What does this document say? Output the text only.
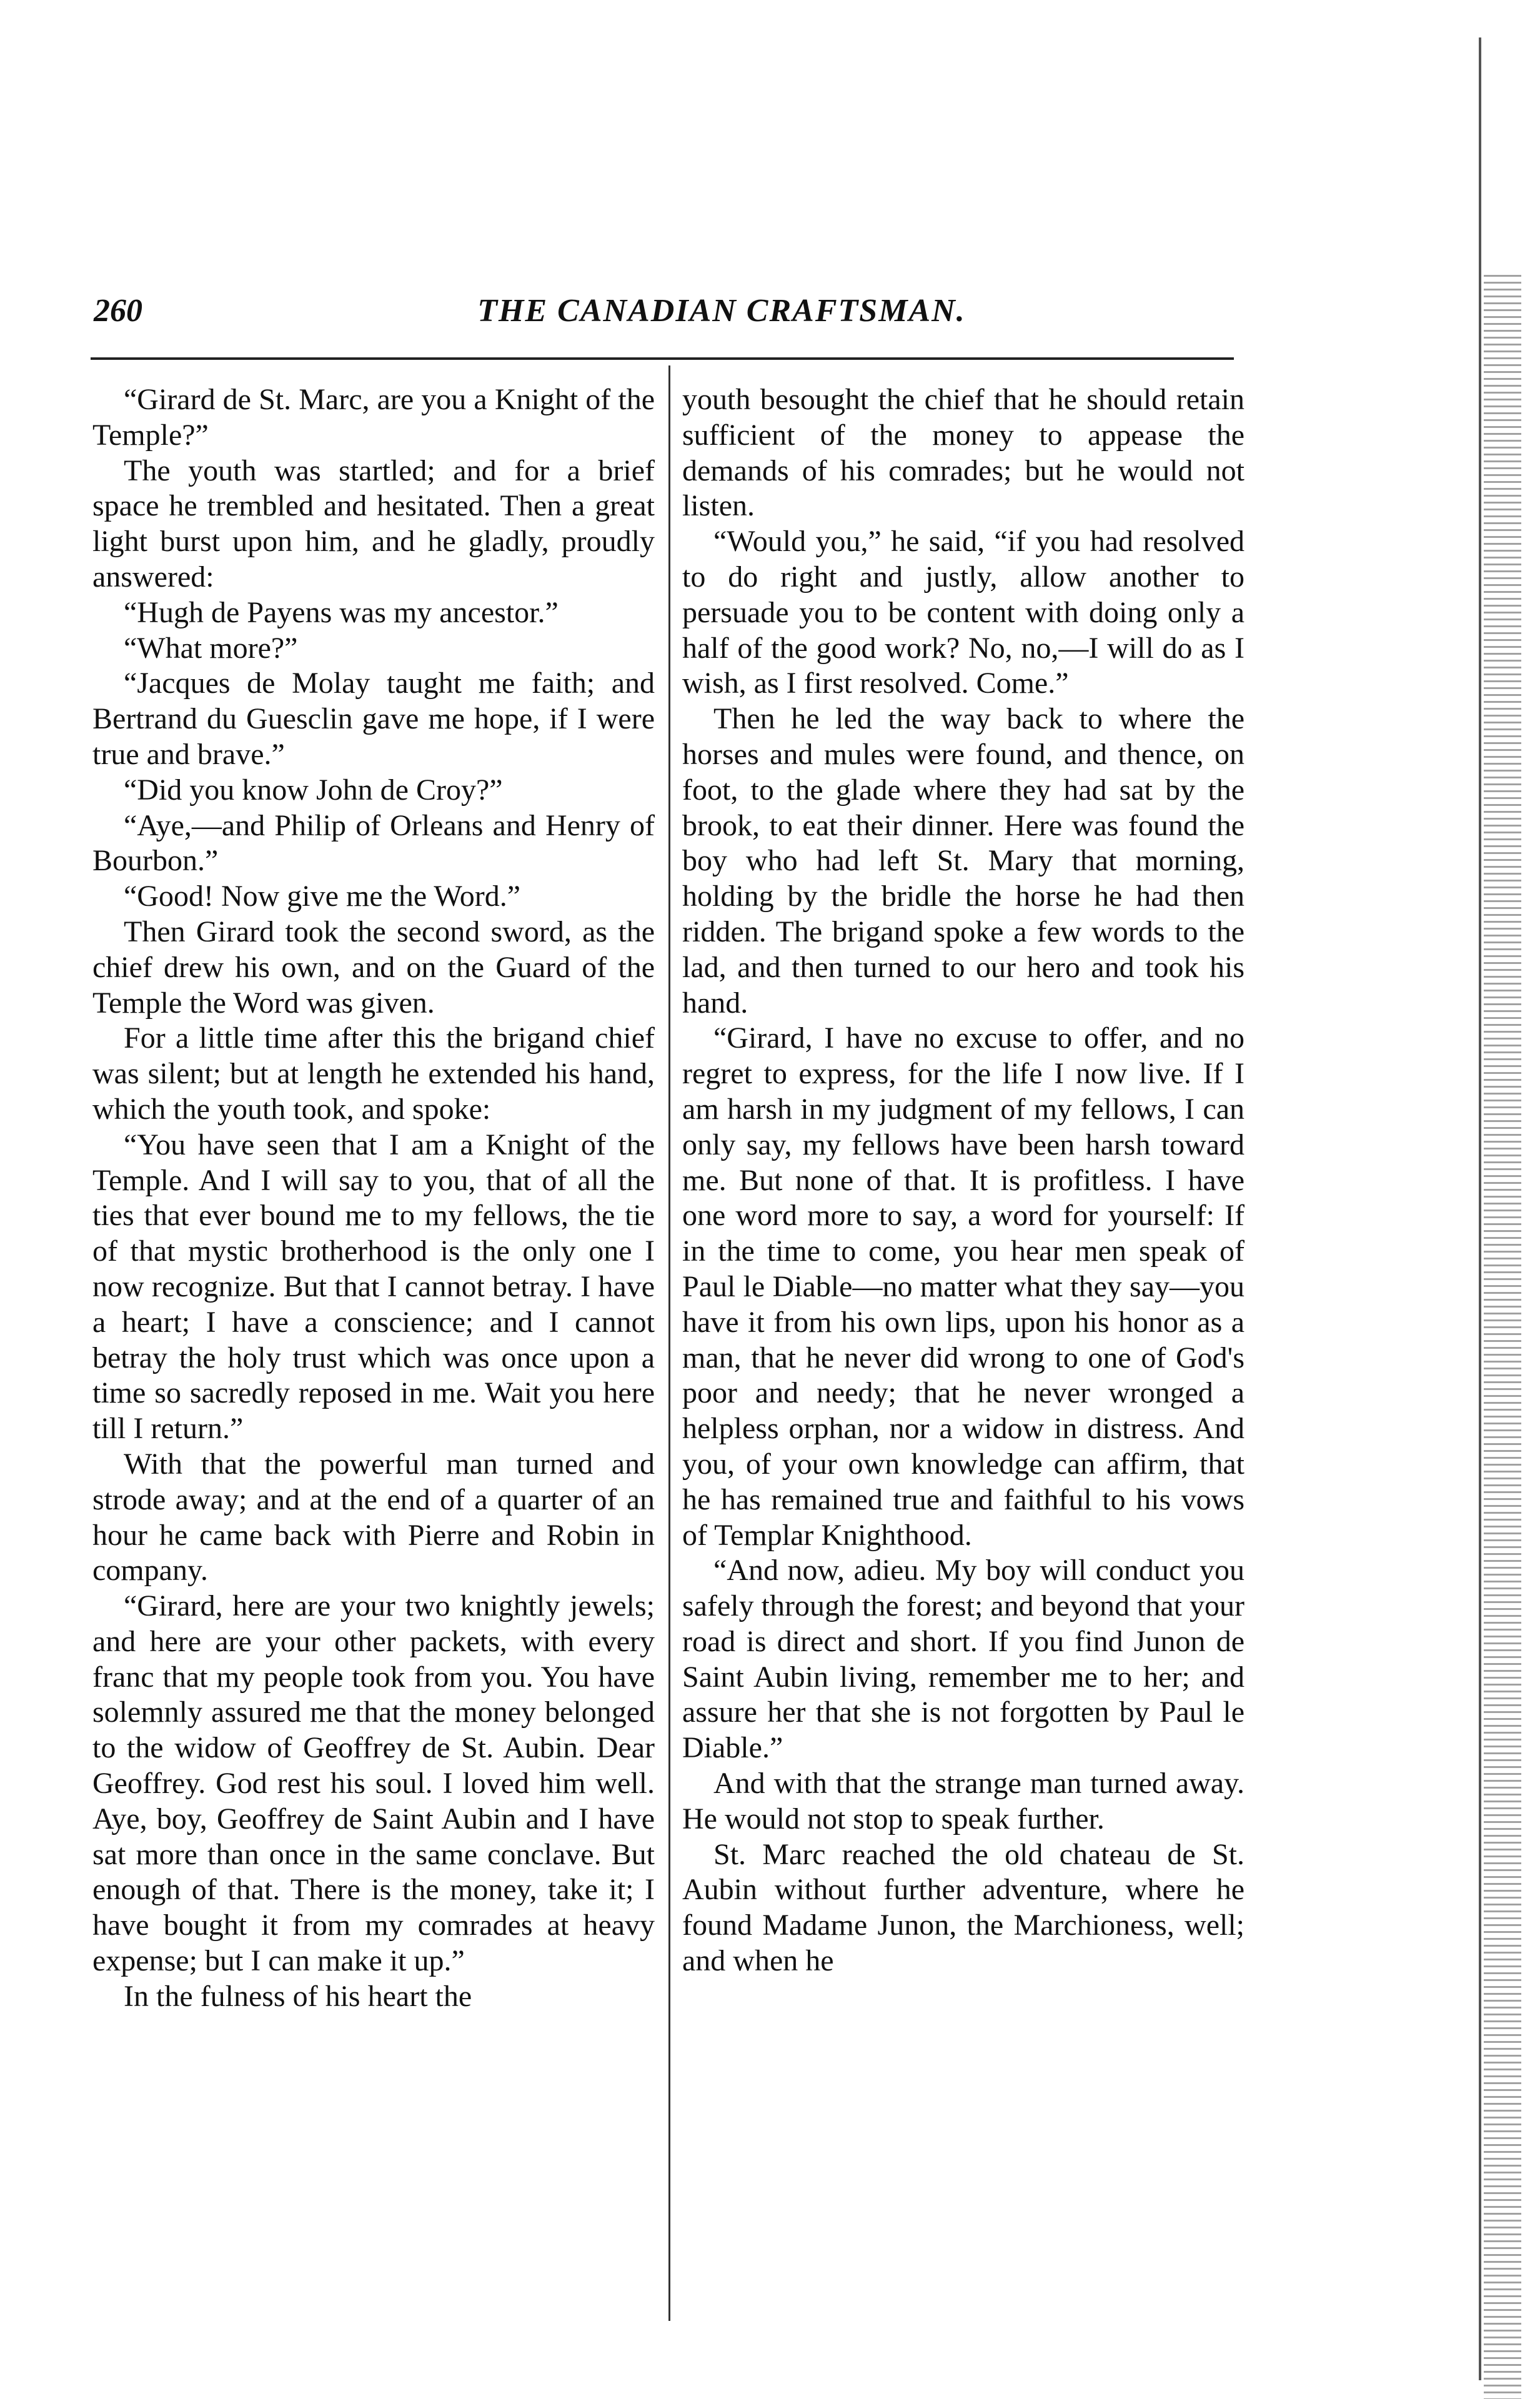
260	THE CANADIAN CRAFTSMAN.

“Girard de St. Marc, are you a Knight of the Temple?”

The youth was startled; and for a brief space he trembled and hesitated. Then a great light burst upon him, and he gladly, proudly answered:

“Hugh de Payens was my ancestor.”

“What more?”

“Jacques de Molay taught me faith; and Bertrand du Guesclin gave me hope, if I were true and brave.”

“Did you know John de Croy?”

“Aye,—and Philip of Orleans and Henry of Bourbon.”

“Good! Now give me the Word.”

Then Girard took the second sword, as the chief drew his own, and on the Guard of the Temple the Word was given.

For a little time after this the brigand chief was silent; but at length he extended his hand, which the youth took, and spoke:

“You have seen that I am a Knight of the Temple. And I will say to you, that of all the ties that ever bound me to my fellows, the tie of that mystic brotherhood is the only one I now recognize. But that I cannot betray. I have a heart; I have a conscience; and I cannot betray the holy trust which was once upon a time so sacredly reposed in me. Wait you here till I return.”

With that the powerful man turned and strode away; and at the end of a quarter of an hour he came back with Pierre and Robin in company.

“Girard, here are your two knightly jewels; and here are your other packets, with every franc that my people took from you. You have solemnly assured me that the money belonged to the widow of Geoffrey de St. Aubin. Dear Geoffrey. God rest his soul. I loved him well. Aye, boy, Geoffrey de Saint Aubin and I have sat more than once in the same conclave. But enough of that. There is the money, take it; I have bought it from my comrades at heavy expense; but I can make it up.”

In the fulness of his heart the

youth besought the chief that he should retain sufficient of the money to appease the demands of his comrades; but he would not listen.

“Would you,” he said, “if you had resolved to do right and justly, allow another to persuade you to be content with doing only a half of the good work? No, no,—I will do as I wish, as I first resolved. Come.”

Then he led the way back to where the horses and mules were found, and thence, on foot, to the glade where they had sat by the brook, to eat their dinner. Here was found the boy who had left St. Mary that morning, holding by the bridle the horse he had then ridden. The brigand spoke a few words to the lad, and then turned to our hero and took his hand.

“Girard, I have no excuse to offer, and no regret to express, for the life I now live. If I am harsh in my judgment of my fellows, I can only say, my fellows have been harsh toward me. But none of that. It is profitless. I have one word more to say, a word for yourself: If in the time to come, you hear men speak of Paul le Diable—no matter what they say—you have it from his own lips, upon his honor as a man, that he never did wrong to one of God's poor and needy; that he never wronged a helpless orphan, nor a widow in distress. And you, of your own knowledge can affirm, that he has remained true and faithful to his vows of Templar Knighthood.

“And now, adieu. My boy will conduct you safely through the forest; and beyond that your road is direct and short. If you find Junon de Saint Aubin living, remember me to her; and assure her that she is not forgotten by Paul le Diable.”

And with that the strange man turned away. He would not stop to speak further.

St. Marc reached the old chateau de St. Aubin without further adventure, where he found Madame Junon, the Marchioness, well; and when he
